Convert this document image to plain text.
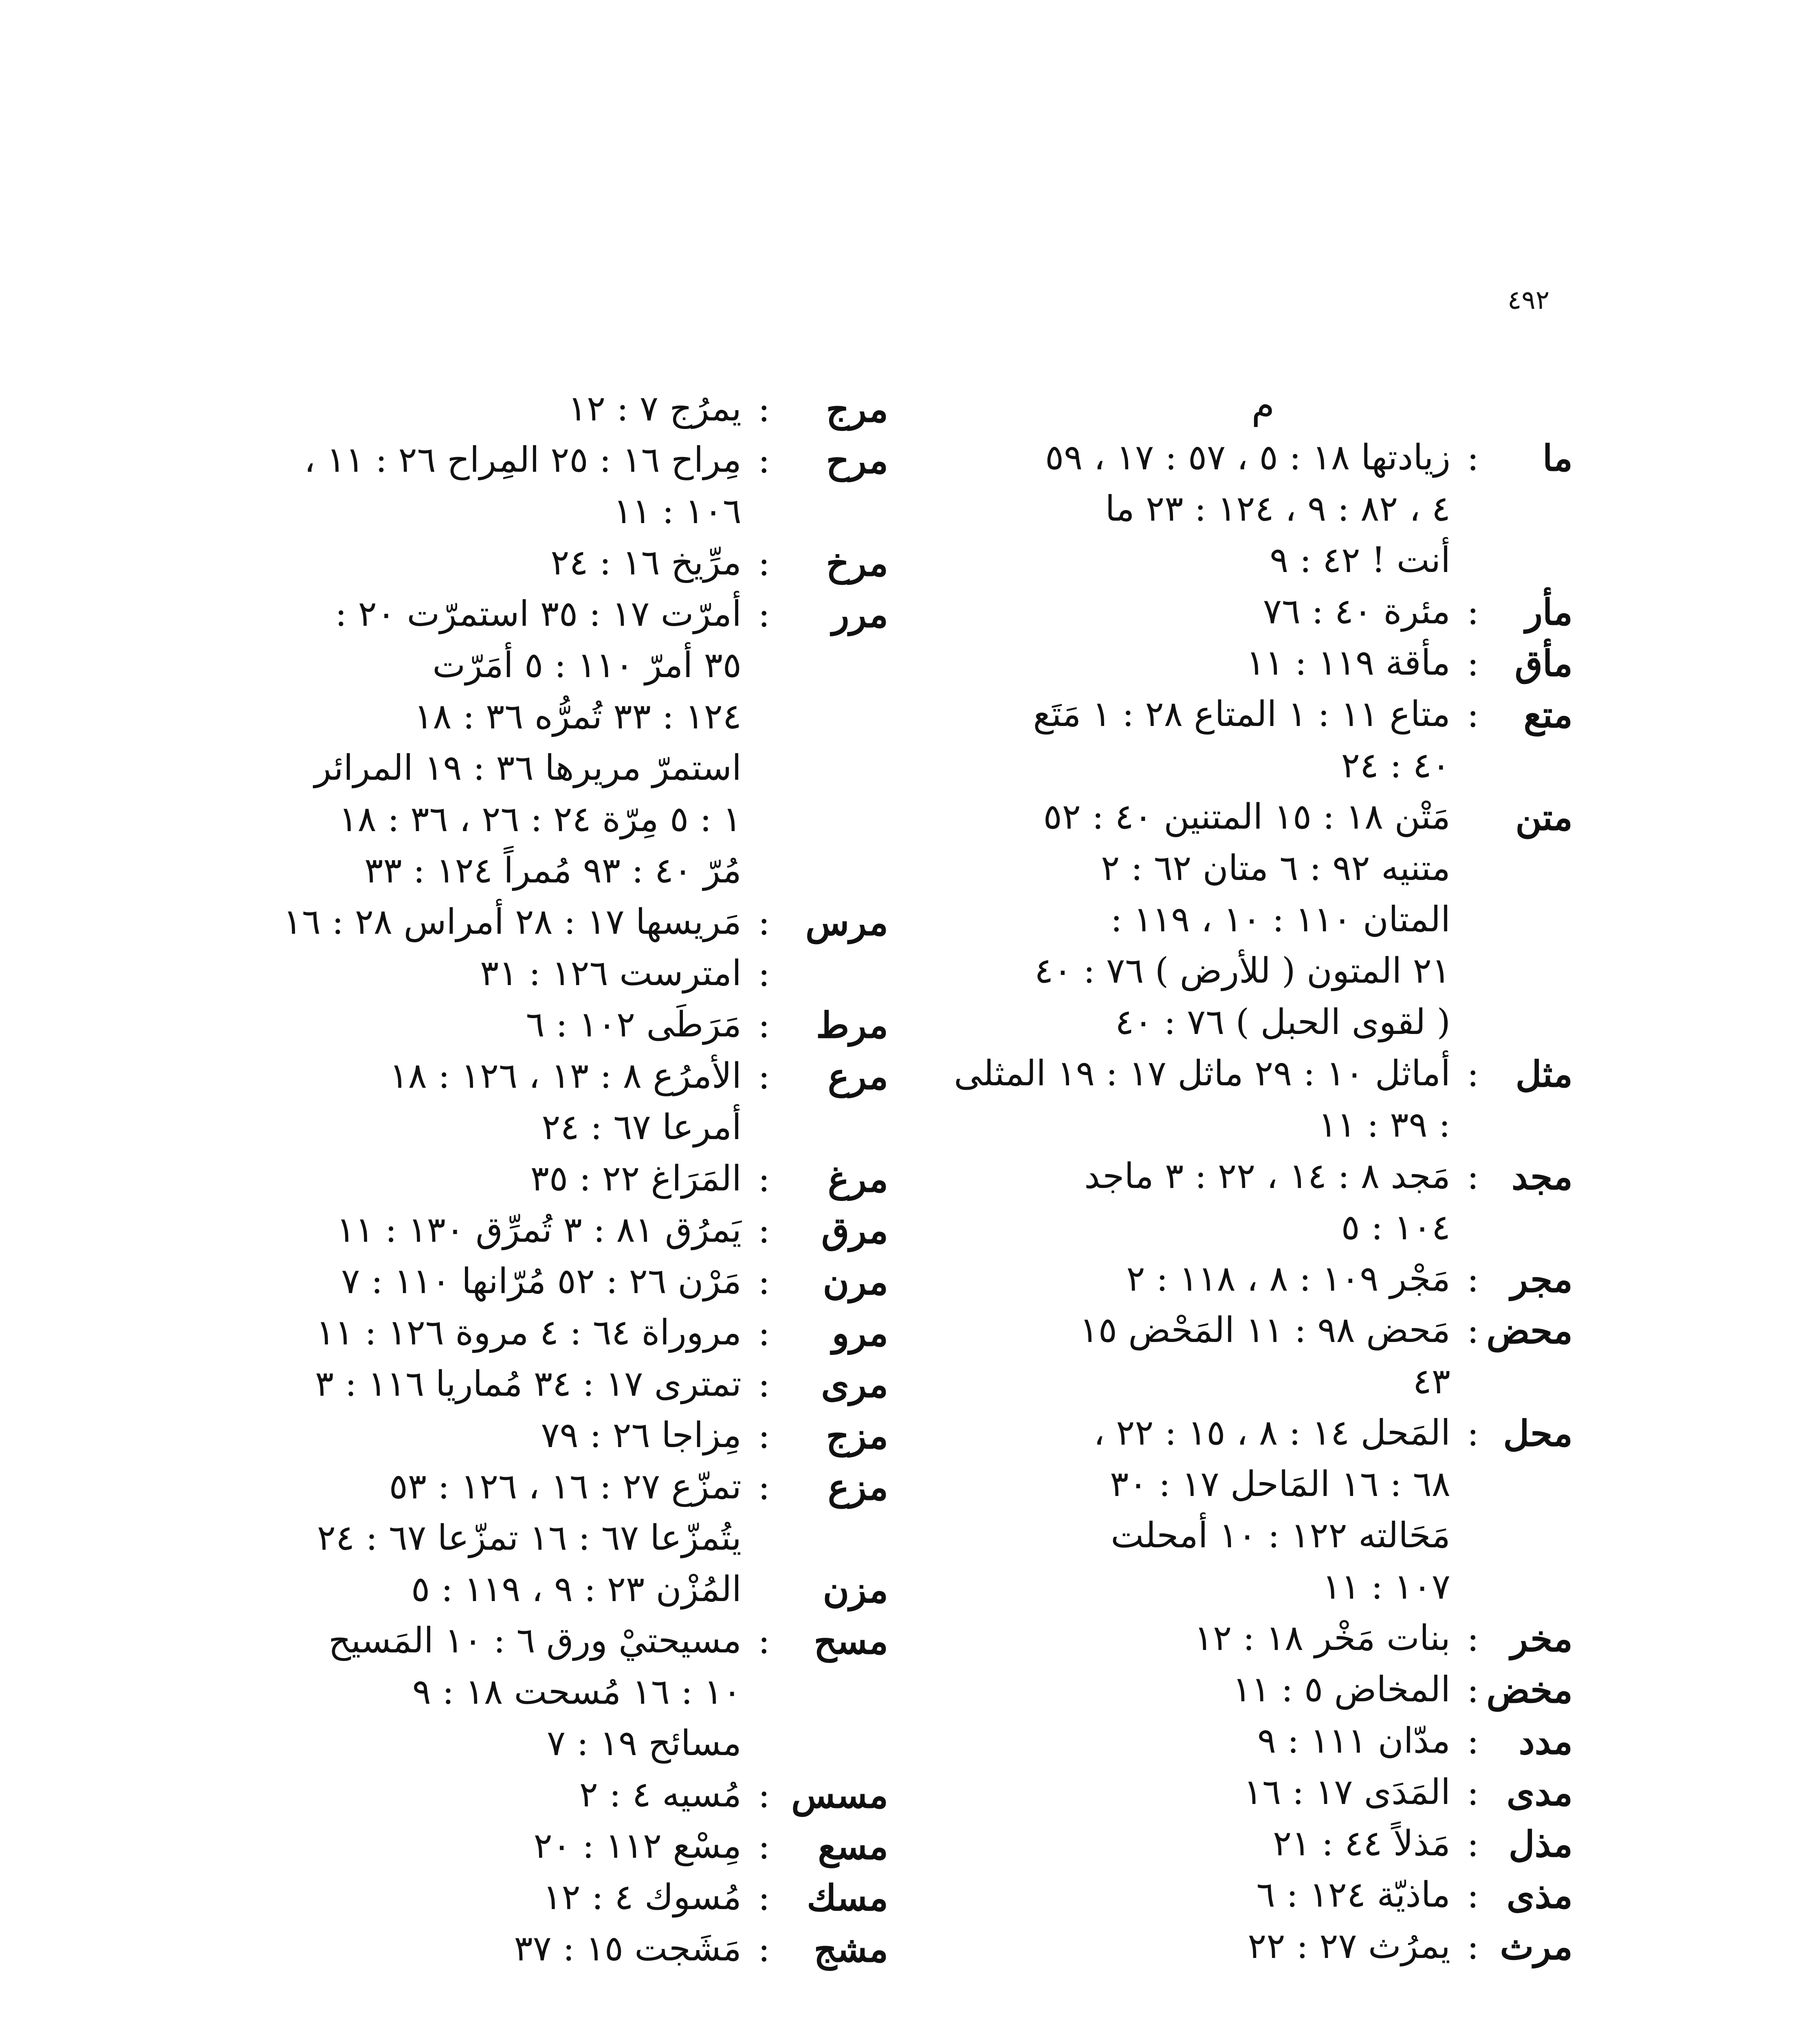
٤٩٢
م
ما
:
زيادتها ١٨ : ٥ ، ٥٧ : ١٧ ، ٥٩
٤ ، ٨٢ : ٩ ، ١٢٤ : ٢٣ ما
أنت ! ٤٢ : ٩
مأر
:
مئرة ٤٠ : ٧٦
مأق
:
مأقة ١١٩ : ١١
متع
:
متاع ١١ : ١ المتاع ٢٨ : ١ مَتَع
٤٠ : ٢٤
متن
مَتْن ١٨ : ١٥ المتنين ٤٠ : ٥٢
متنيه ٩٢ : ٦ متان ٦٢ : ٢
المتان ١١٠ : ١٠ ، ١١٩ :
٢١ المتون ( للأرض ) ٧٦ : ٤٠
( لقوى الحبل ) ٧٦ : ٤٠
مثل
:
أماثل ١٠ : ٢٩ ماثل ١٧ : ١٩ المثلى
: ٣٩ : ١١
مجد
:
مَجد ٨ : ١٤ ، ٢٢ : ٣ ماجد
١٠٤ : ٥
مجر
:
مَجْر ١٠٩ : ٨ ، ١١٨ : ٢
محض
:
مَحض ٩٨ : ١١ المَحْض ١٥
٤٣
محل
:
المَحل ١٤ : ٨ ، ١٥ : ٢٢ ،
٦٨ : ١٦ المَاحل ١٧ : ٣٠
مَحَالته ١٢٢ : ١٠ أمحلت
١٠٧ : ١١
مخر
:
بنات مَخْر ١٨ : ١٢
مخض
:
المخاض ٥ : ١١
مدد
:
مدّان ١١١ : ٩
مدى
:
المَدَى ١٧ : ١٦
مذل
:
مَذلاً ٤٤ : ٢١
مذى
:
ماذيّة ١٢٤ : ٦
مرث
:
يمرُث ٢٧ : ٢٢
مرج
:
يمرُج ٧ : ١٢
مرح
:
مِراح ١٦ : ٢٥ المِراح ٢٦ : ١١ ،
١٠٦ : ١١
مرخ
:
مرِّيخ ١٦ : ٢٤
مرر
:
أمرّت ١٧ : ٣٥ استمرّت ٢٠ :
٣٥ أمرّ ١١٠ : ٥ أمَرّت
١٢٤ : ٣٣ تُمرُّه ٣٦ : ١٨
استمرّ مريرها ٣٦ : ١٩ المرائر
١ : ٥ مِرّة ٢٤ : ٢٦ ، ٣٦ : ١٨
مُرّ ٤٠ : ٩٣ مُمراً ١٢٤ : ٣٣
مرس
:
مَريسها ١٧ : ٢٨ أمراس ٢٨ : ١٦
:
امترست ١٢٦ : ٣١
مرط
:
مَرَطَى ١٠٢ : ٦
مرع
:
الأمرُع ٨ : ١٣ ، ١٢٦ : ١٨
أمرعا ٦٧ : ٢٤
مرغ
:
المَرَاغ ٢٢ : ٣٥
مرق
:
يَمرُق ٨١ : ٣ تُمرِّق ١٣٠ : ١١
مرن
:
مَرْن ٢٦ : ٥٢ مُرّانها ١١٠ : ٧
مرو
:
مروراة ٦٤ : ٤ مروة ١٢٦ : ١١
مرى
:
تمترى ١٧ : ٣٤ مُماريا ١١٦ : ٣
مزج
:
مِزاجا ٢٦ : ٧٩
مزع
:
تمزّع ٢٧ : ١٦ ، ١٢٦ : ٥٣
يتُمزّعا ٦٧ : ١٦ تمزّعا ٦٧ : ٢٤
مزن
المُزْن ٢٣ : ٩ ، ١١٩ : ٥
مسح
:
مسيحتيْ ورق ٦ : ١٠ المَسيح
١٠ : ١٦ مُسحت ١٨ : ٩
مسائح ١٩ : ٧
مسس
:
مُسيه ٤ : ٢
مسع
:
مِسْع ١١٢ : ٢٠
مسك
:
مُسوك ٤ : ١٢
مشج
:
مَشَجت ١٥ : ٣٧
